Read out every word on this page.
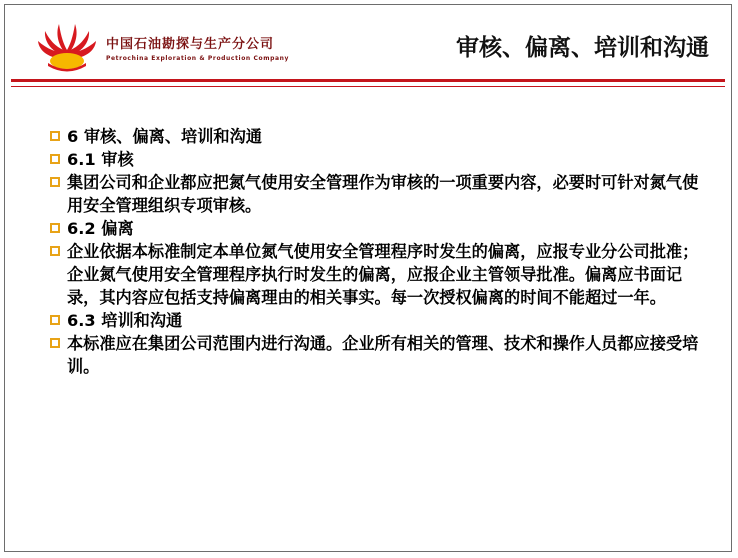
中国石油勘探与生产分公司
Petrochina Exploration & Production Company	审核、偏离、培训和沟通
6 审核、偏离、培训和沟通
6.1 审核
集团公司和企业都应把氮气使用安全管理作为审核的一项重要内容，必要时可针对氮气使用安全管理组织专项审核。
6.2 偏离
企业依据本标准制定本单位氮气使用安全管理程序时发生的偏离，应报专业分公司批准；企业氮气使用安全管理程序执行时发生的偏离，应报企业主管领导批准。偏离应书面记录，其内容应包括支持偏离理由的相关事实。每一次授权偏离的时间不能超过一年。
6.3 培训和沟通
本标准应在集团公司范围内进行沟通。企业所有相关的管理、技术和操作人员都应接受培训。
